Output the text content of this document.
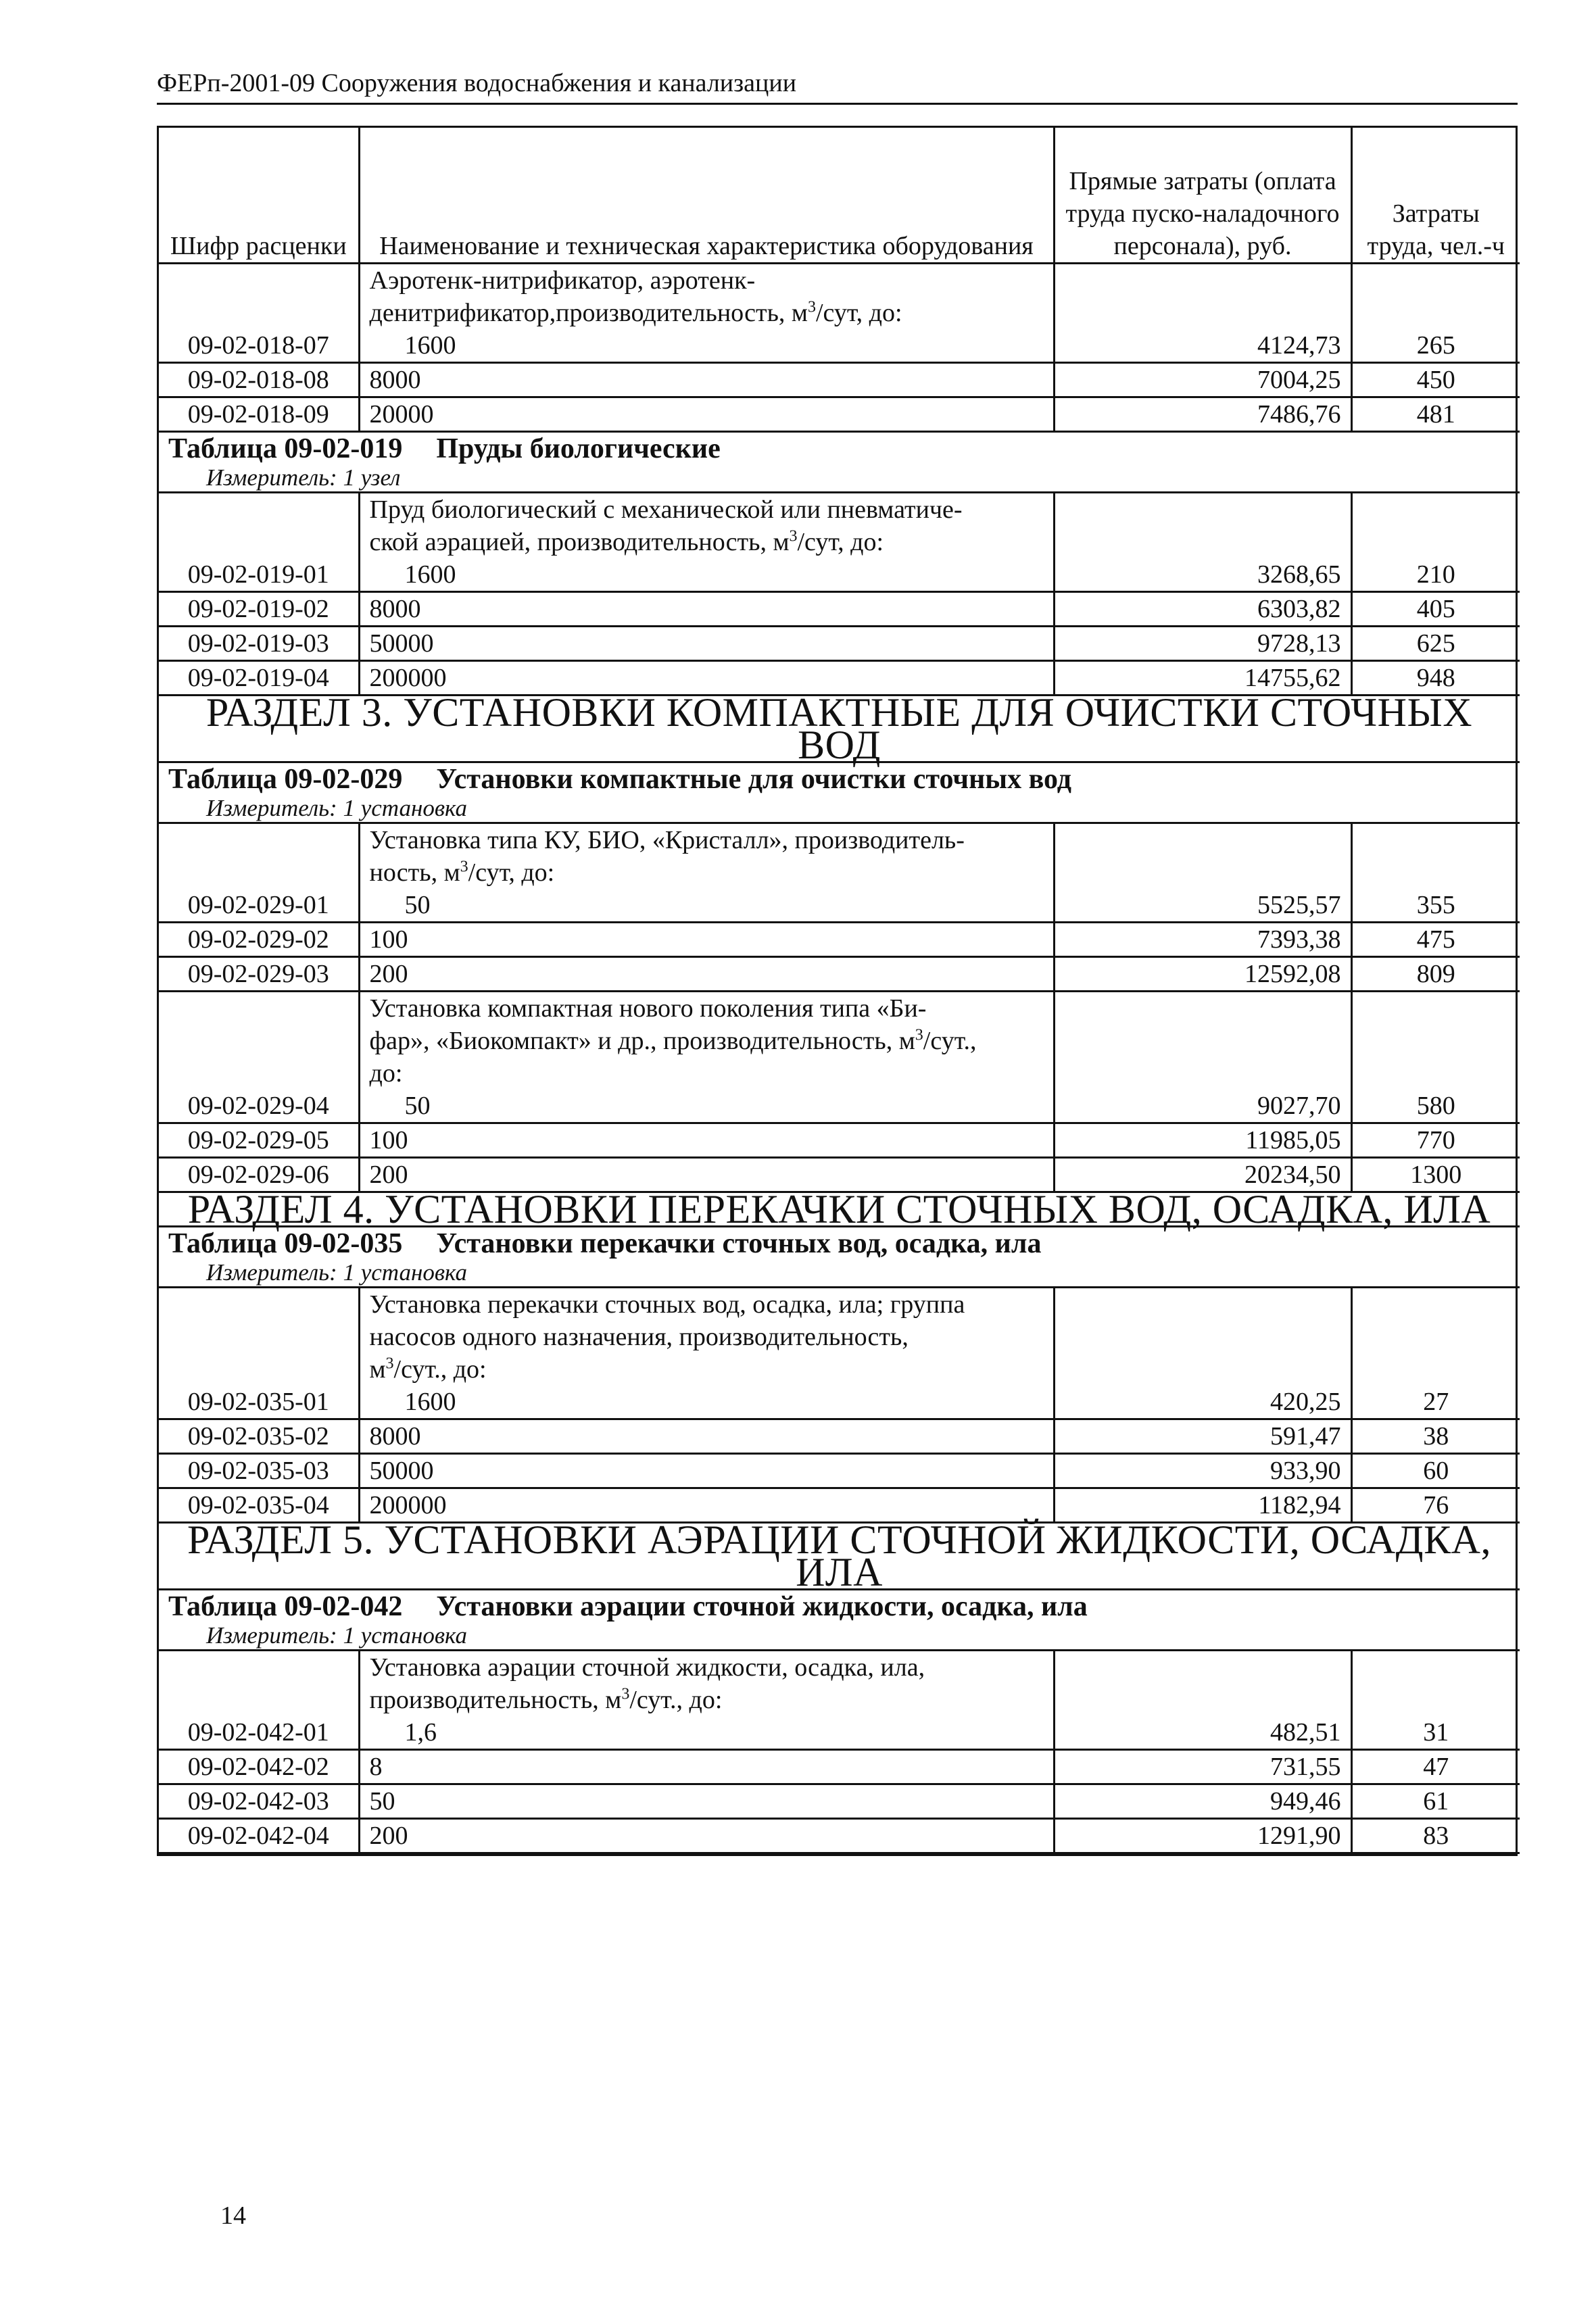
ФЕРп-2001-09 Сооружения водоснабжения и канализации
Шифр расценки	Наименование и техническая характеристика оборудования	Прямые затраты (оплата труда пуско-наладочного персонала), руб.	Затраты труда, чел.-ч
09-02-018-07	Аэротенк-нитрификатор, аэротенк-
денитрификатор,производительность, $м^3$/сут, до:
1600	4124,73	265
09-02-018-08	8000	7004,25	450
09-02-018-09	20000	7486,76	481
Таблица 09-02-019 Пруды биологические
Измеритель: 1 узел			

09-02-019-01	Пруд биологический с механической или пневматиче-
ской аэрацией, производительность, $м^3$/сут, до:
1600	3268,65	210
09-02-019-02	8000	6303,82	405
09-02-019-03	50000	9728,13	625
09-02-019-04	200000	14755,62	948
РАЗДЕЛ 3. УСТАНОВКИ КОМПАКТНЫЕ ДЛЯ ОЧИСТКИ СТОЧНЫХ ВОД			
Таблица 09-02-029 Установки компактные для очистки сточных вод
Измеритель: 1 установка			

09-02-029-01	Установка типа КУ, БИО, «Кристалл», производитель-
ность, $м^3$/сут, до:
50	5525,57	355
09-02-029-02	100	7393,38	475
09-02-029-03	200	12592,08	809
09-02-029-04	Установка компактная нового поколения типа «Би-
фар», «Биокомпакт» и др., производительность, $м^3$/сут.,
до:
50	9027,70	580
09-02-029-05	100	11985,05	770
09-02-029-06	200	20234,50	1300
РАЗДЕЛ 4. УСТАНОВКИ ПЕРЕКАЧКИ СТОЧНЫХ ВОД, ОСАДКА, ИЛА			
Таблица 09-02-035 Установки перекачки сточных вод, осадка, ила
Измеритель: 1 установка			

09-02-035-01	Установка перекачки сточных вод, осадка, ила; группа
насосов одного назначения, производительность,
$м^3$/сут., до:
1600	420,25	27
09-02-035-02	8000	591,47	38
09-02-035-03	50000	933,90	60
09-02-035-04	200000	1182,94	76
РАЗДЕЛ 5. УСТАНОВКИ АЭРАЦИИ СТОЧНОЙ ЖИДКОСТИ, ОСАДКА, ИЛА			
Таблица 09-02-042 Установки аэрации сточной жидкости, осадка, ила
Измеритель: 1 установка			

09-02-042-01	Установка аэрации сточной жидкости, осадка, ила,
производительность, $м^3$/сут., до:
1,6	482,51	31
09-02-042-02	8	731,55	47
09-02-042-03	50	949,46	61
09-02-042-04	200	1291,90	83
14
